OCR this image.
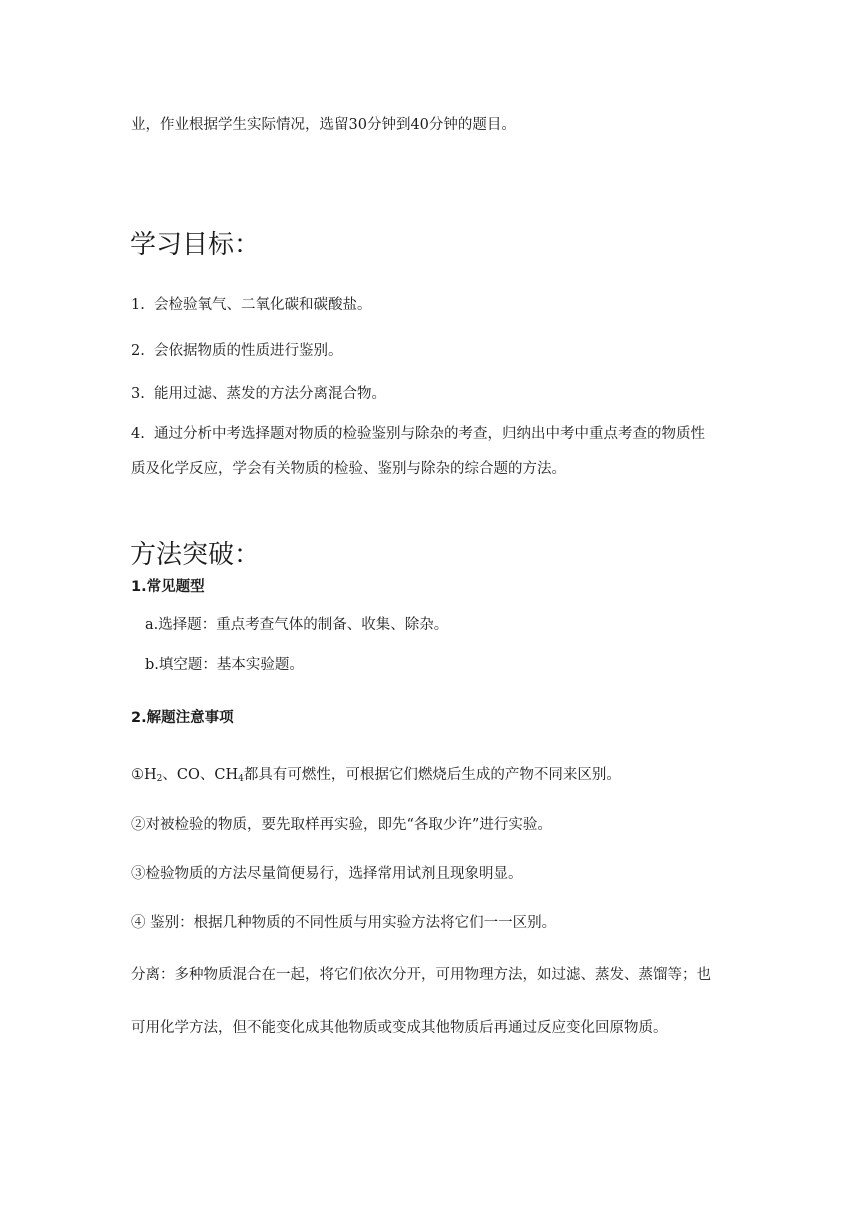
业，作业根据学生实际情况，选留30分钟到40分钟的题目。

学习目标：

1. 会检验氧气、二氧化碳和碳酸盐。

2. 会依据物质的性质进行鉴别。

3. 能用过滤、蒸发的方法分离混合物。

4. 通过分析中考选择题对物质的检验鉴别与除杂的考查，归纳出中考中重点考查的物质性

质及化学反应，学会有关物质的检验、鉴别与除杂的综合题的方法。

方法突破：

1.常见题型

a.选择题：重点考查气体的制备、收集、除杂。

b.填空题：基本实验题。

2.解题注意事项

$①H_2$、CO、$CH_4$都具有可燃性，可根据它们燃烧后生成的产物不同来区别。

②对被检验的物质，要先取样再实验，即先“各取少许”进行实验。

③检验物质的方法尽量简便易行，选择常用试剂且现象明显。

④ 鉴别：根据几种物质的不同性质与用实验方法将它们一一区别。

分离：多种物质混合在一起，将它们依次分开，可用物理方法，如过滤、蒸发、蒸馏等；也

可用化学方法，但不能变化成其他物质或变成其他物质后再通过反应变化回原物质。
